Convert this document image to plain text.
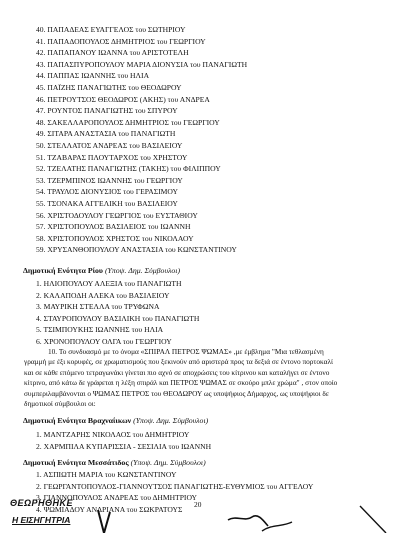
40. ΠΑΠΑΔΕΑΣ ΕΥΑΓΓΕΛΟΣ του ΣΩΤΗΡΙΟΥ
41. ΠΑΠΑΔΟΠΟΥΛΟΣ ΔΗΜΗΤΡΙΟΣ του ΓΕΩΡΓΙΟΥ
42. ΠΑΠΑΠΑΝΟΥ ΙΩΑΝΝΑ του ΑΡΙΣΤΟΤΕΛΗ
43. ΠΑΠΑΣΠΥΡΟΠΟΥΛΟΥ ΜΑΡΙΑ ΔΙΟΝΥΣΙΑ του ΠΑΝΑΓΙΩΤΗ
44. ΠΑΠΠΑΣ ΙΩΑΝΝΗΣ του ΗΛΙΑ
45. ΠΑΪΖΗΣ ΠΑΝΑΓΙΩΤΗΣ του ΘΕΟΔΩΡΟΥ
46. ΠΕΤΡΟΥΤΣΟΣ ΘΕΟΔΩΡΟΣ (ΑΚΗΣ) του ΑΝΔΡΕΑ
47. ΡΟΥΝΤΟΣ ΠΑΝΑΓΙΩΤΗΣ του ΣΠΥΡΟΥ
48. ΣΑΚΕΛΛΑΡΟΠΟΥΛΟΣ ΔΗΜΗΤΡΙΟΣ του ΓΕΩΡΓΙΟΥ
49. ΣΙΤΑΡΑ ΑΝΑΣΤΑΣΙΑ του ΠΑΝΑΓΙΩΤΗ
50. ΣΤΕΛΛΑΤΟΣ ΑΝΔΡΕΑΣ του ΒΑΣΙΛΕΙΟΥ
51. ΤΖΑΒΑΡΑΣ ΠΛΟΥΤΑΡΧΟΣ του ΧΡΗΣΤΟΥ
52. ΤΖΕΛΑΤΗΣ ΠΑΝΑΓΙΩΤΗΣ (ΤΑΚΗΣ) του ΦΙΛΙΠΠΟΥ
53. ΤΖΕΡΜΠΙΝΟΣ ΙΩΑΝΝΗΣ του ΓΕΩΡΓΙΟΥ
54. ΤΡΑΥΛΟΣ ΔΙΟΝΥΣΙΟΣ του ΓΕΡΑΣΙΜΟΥ
55. ΤΣΟΝΑΚΑ ΑΓΓΕΛΙΚΗ του ΒΑΣΙΛΕΙΟΥ
56. ΧΡΙΣΤΟΔΟΥΛΟΥ ΓΕΩΡΓΙΟΣ του ΕΥΣΤΑΘΙΟΥ
57. ΧΡΙΣΤΟΠΟΥΛΟΣ ΒΑΣΙΛΕΙΟΣ του ΙΩΑΝΝΗ
58. ΧΡΙΣΤΟΠΟΥΛΟΣ ΧΡΗΣΤΟΣ του ΝΙΚΟΛΑΟΥ
59. ΧΡΥΣΑΝΘΟΠΟΥΛΟΥ ΑΝΑΣΤΑΣΙΑ του ΚΩΝΣΤΑΝΤΙΝΟΥ
Δημοτική Ενότητα Ρίου (Υποψ. Δημ. Σύμβουλοι)
1. ΗΛΙΟΠΟΥΛΟΥ ΑΛΕΞΙΑ του ΠΑΝΑΓΙΩΤΗ
2. ΚΑΛΑΠΟΔΗ ΑΛΕΚΑ του ΒΑΣΙΛΕΙΟΥ
3. ΜΑΥΡΙΚΗ ΣΤΕΛΛΑ του ΤΡΥΦΩΝΑ
4. ΣΤΑΥΡΟΠΟΥΛΟΥ ΒΑΣΙΛΙΚΗ του ΠΑΝΑΓΙΩΤΗ
5. ΤΣΙΜΠΟΥΚΗΣ ΙΩΑΝΝΗΣ του ΗΛΙΑ
6. ΧΡΟΝΟΠΟΥΛΟΥ ΟΛΓΑ του ΓΕΩΡΓΙΟΥ
10. Το συνδυασμό με το όνομα «ΣΠΙΡΑΛ ΠΕΤΡΟΣ ΨΩΜΑΣ» ,με έμβλημα "Μια τεθλασμένη
γραμμή με έξι κορυφές, σε χρωματισμούς που ξεκινούν από αριστερά προς τα δεξιά σε έντονο πορτοκαλί
και σε κάθε επόμενο τετραγωνάκι γίνεται πιο αχνό σε αποχρώσεις του κίτρινου και καταλήγει σε έντονο
κίτρινο, από κάτω δε γράφεται η λέξη σπιράλ και ΠΕΤΡΟΣ ΨΩΜΑΣ σε σκούρο μπλε χρώμα" , στον οποίο
συμπεριλαμβάνονται ο ΨΩΜΑΣ ΠΕΤΡΟΣ του ΘΕΟΔΩΡΟΥ ως υποψήφιος Δήμαρχος, ως υποψήφιοι δε
δημοτικοί σύμβουλοι οι:
Δημοτική Ενότητα Βραχναίικων (Υποψ. Δημ. Σύμβουλοι)
1. ΜΑΝΤΖΑΡΗΣ ΝΙΚΟΛΑΟΣ του ΔΗΜΗΤΡΙΟΥ
2. ΧΑΡΜΠΙΛΑ ΚΥΠΑΡΙΣΣΙΑ - ΣΕΣΙΛΙΑ του ΙΩΑΝΝΗ
Δημοτική Ενότητα Μεσσάτιδος (Υποψ. Δημ. Σύμβουλοι)
1. ΑΣΠΙΩΤΗ ΜΑΡΙΑ του ΚΩΝΣΤΑΝΤΙΝΟΥ
2. ΓΕΩΡΓΑΝΤΟΠΟΥΛΟΣ-ΓΙΑΝΝΟΥΤΣΟΣ ΠΑΝΑΓΙΩΤΗΣ-ΕΥΘΥΜΙΟΣ του ΑΓΓΕΛΟΥ
3. ΓΙΑΝΝΟΠΟΥΛΟΣ ΑΝΔΡΕΑΣ του ΔΗΜΗΤΡΙΟΥ
4. ΨΩΜΙΑΔΟΥ ΑΝΔΡΙΑΝΑ του ΣΩΚΡΑΤΟΥΣ
20
ΘΕΩΡΗΘΗΚΕ
Η ΕΙΣΗΓΗΤΡΙΑ
